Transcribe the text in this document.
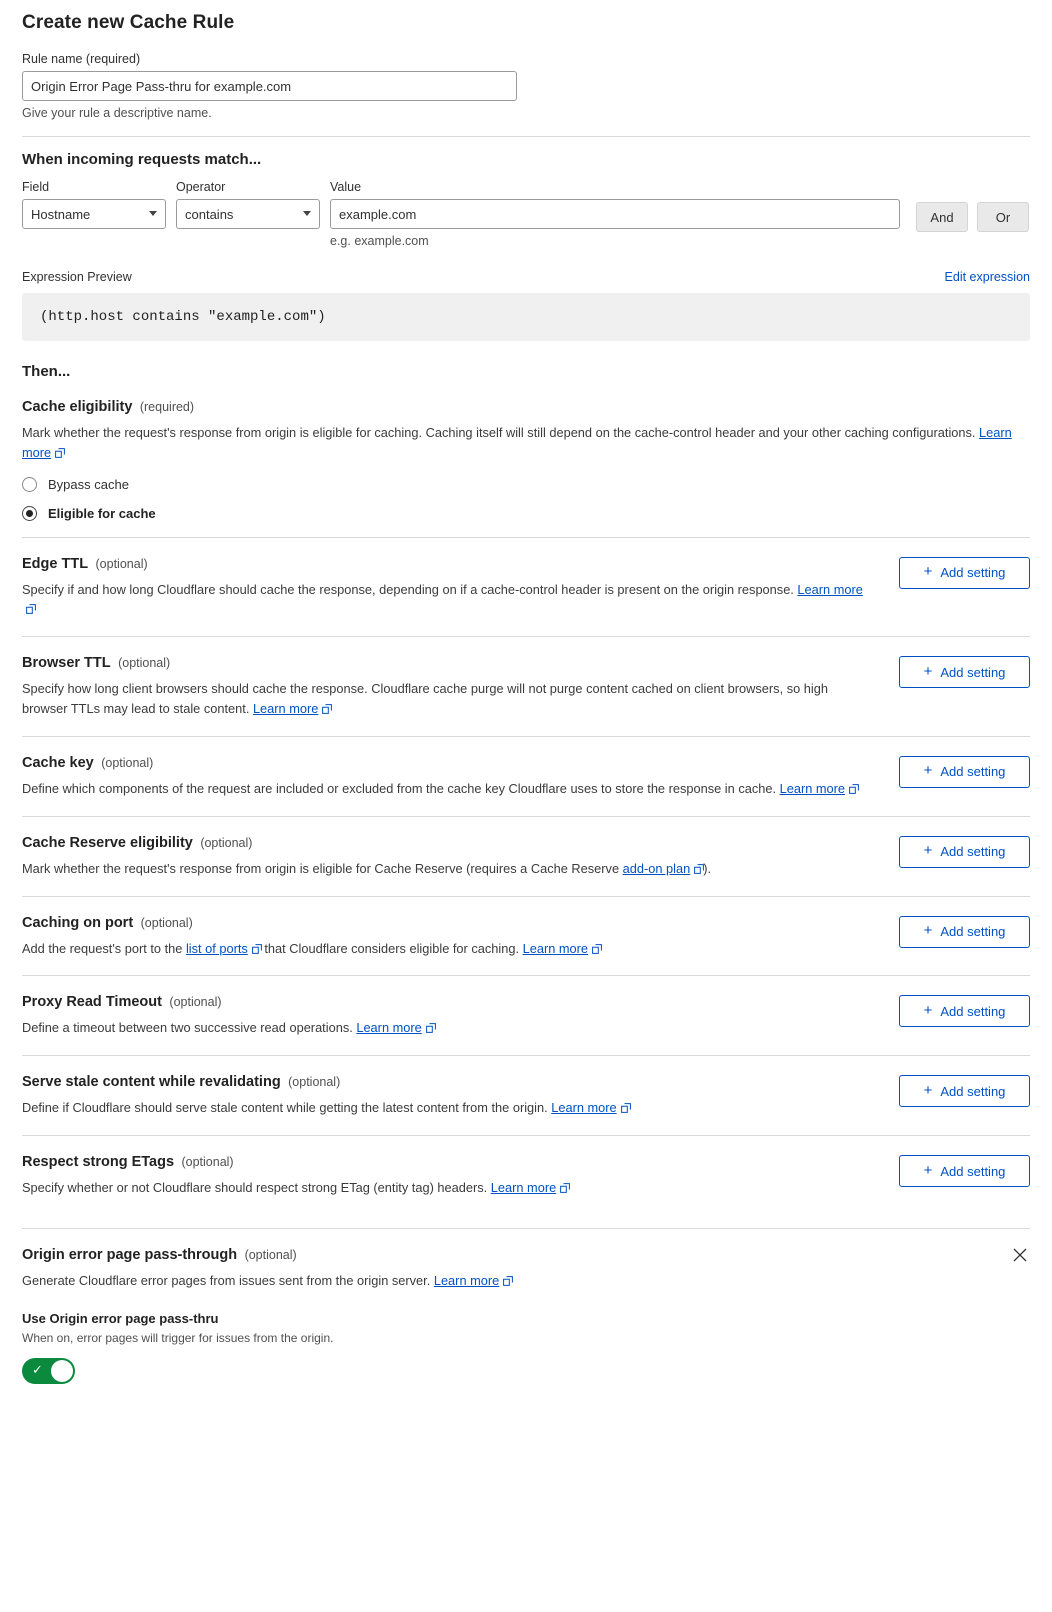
Create new Cache Rule
Rule name (required)
Origin Error Page Pass-thru for example.com
Give your rule a descriptive name.
When incoming requests match...
Field
Hostname
Operator
contains
Value
example.com
e.g. example.com
And	Or
Expression Preview	Edit expression
(http.host contains "example.com")
Then...
Cache eligibility (required)
Mark whether the request's response from origin is eligible for caching. Caching itself will still depend on the cache-control header and your other caching configurations. Learn more
Bypass cache
Eligible for cache
Edge TTL (optional)
Specify if and how long Cloudflare should cache the response, depending on if a cache-control header is present on the origin response. Learn more
+ Add setting
Browser TTL (optional)
Specify how long client browsers should cache the response. Cloudflare cache purge will not purge content cached on client browsers, so high browser TTLs may lead to stale content. Learn more
+ Add setting
Cache key (optional)
Define which components of the request are included or excluded from the cache key Cloudflare uses to store the response in cache. Learn more
+ Add setting
Cache Reserve eligibility (optional)
Mark whether the request's response from origin is eligible for Cache Reserve (requires a Cache Reserve add-on plan ).
+ Add setting
Caching on port (optional)
Add the request's port to the list of ports
that Cloudflare considers eligible for caching. Learn more
+ Add setting
Proxy Read Timeout (optional)
Define a timeout between two successive read operations. Learn more
+ Add setting
Serve stale content while revalidating (optional)
Define if Cloudflare should serve stale content while getting the latest content from the origin. Learn more
+ Add setting
Respect strong ETags (optional)
Specify whether or not Cloudflare should respect strong ETag (entity tag) headers. Learn more
+ Add setting
Origin error page pass-through (optional)
Generate Cloudflare error pages from issues sent from the origin server. Learn more
Use Origin error page pass-thru
When on, error pages will trigger for issues from the origin.
✓
